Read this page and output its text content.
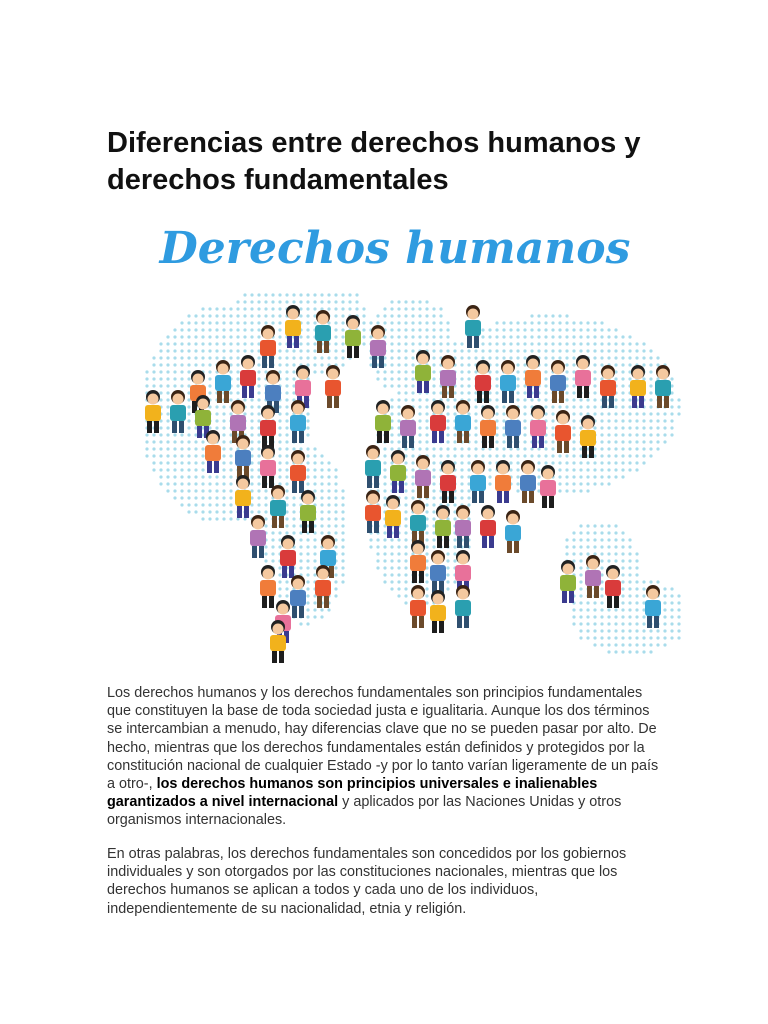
Diferencias entre derechos humanos y derechos fundamentales
Derechos humanos

Los derechos humanos y los derechos fundamentales son principios fundamentales que constituyen la base de toda sociedad justa e igualitaria. Aunque los dos términos se intercambian a menudo, hay diferencias clave que no se pueden pasar por alto. De hecho, mientras que los derechos fundamentales están definidos y protegidos por la constitución nacional de cualquier Estado -y por lo tanto varían ligeramente de un país a otro-, los derechos humanos son principios universales e inalienables garantizados a nivel internacional y aplicados por las Naciones Unidas y otros organismos internacionales.

En otras palabras, los derechos fundamentales son concedidos por los gobiernos individuales y son otorgados por las constituciones nacionales, mientras que los derechos humanos se aplican a todos y cada uno de los individuos, independientemente de su nacionalidad, etnia y religión.
